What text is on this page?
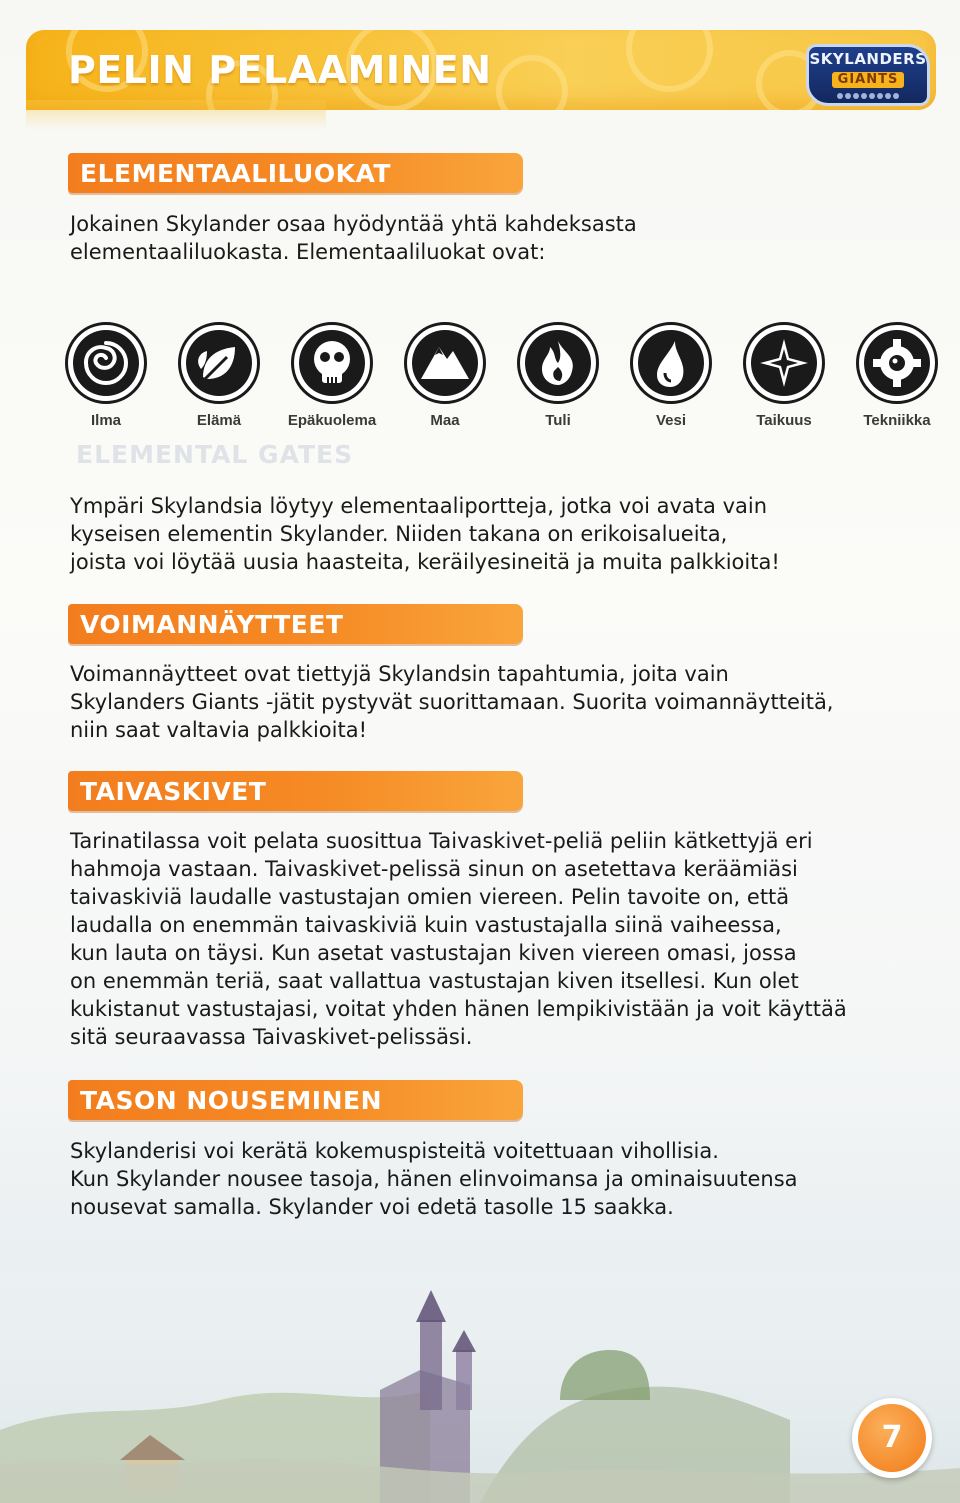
PELIN PELAAMINEN	SKYLANDERS
GIANTS
ELEMENTAALILUOKAT

Jokainen Skylander osaa hyödyntää yhtä kahdeksasta
elementaaliluokasta. Elementaaliluokat ovat:

Ilma	Elämä	Epäkuolema	Maa	Tuli	Vesi	Taikuus	Tekniikka

ELEMENTAL GATES

Ympäri Skylandsia löytyy elementaaliportteja, jotka voi avata vain
kyseisen elementin Skylander. Niiden takana on erikoisalueita,
joista voi löytää uusia haasteita, keräilyesineitä ja muita palkkioita!

VOIMANNÄYTTEET

Voimannäytteet ovat tiettyjä Skylandsin tapahtumia, joita vain
Skylanders Giants -jätit pystyvät suorittamaan. Suorita voimannäytteitä,
niin saat valtavia palkkioita!

TAIVASKIVET

Tarinatilassa voit pelata suosittua Taivaskivet-peliä peliin kätkettyjä eri
hahmoja vastaan. Taivaskivet-pelissä sinun on asetettava keräämiäsi
taivaskiviä laudalle vastustajan omien viereen. Pelin tavoite on, että
laudalla on enemmän taivaskiviä kuin vastustajalla siinä vaiheessa,
kun lauta on täysi. Kun asetat vastustajan kiven viereen omasi, jossa
on enemmän teriä, saat vallattua vastustajan kiven itsellesi. Kun olet
kukistanut vastustajasi, voitat yhden hänen lempikivistään ja voit käyttää
sitä seuraavassa Taivaskivet-pelissäsi.

TASON NOUSEMINEN

Skylanderisi voi kerätä kokemuspisteitä voitettuaan vihollisia.
Kun Skylander nousee tasoja, hänen elinvoimansa ja ominaisuutensa
nousevat samalla. Skylander voi edetä tasolle 15 saakka.

7
